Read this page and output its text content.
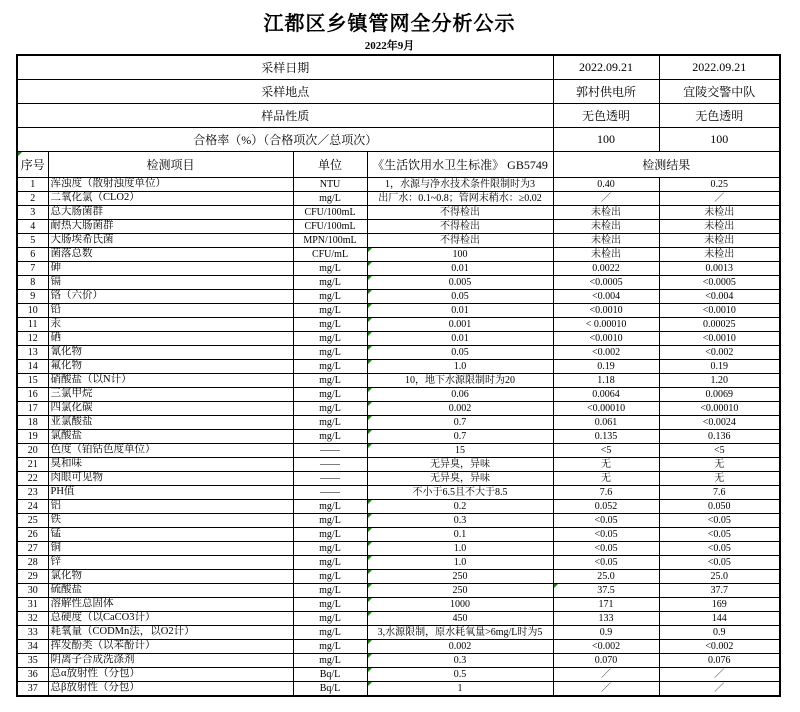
江都区乡镇管网全分析公示
2022年9月
采样日期				2022.09.21	2022.09.21
采样地点				郭村供电所	宜陵交警中队
样品性质				无色透明	无色透明
合格率（%）（合格项次／总项次）				100	100

序号	检测项目	单位	《生活饮用水卫生标准》 GB5749	检测结果	
1	浑浊度（散射浊度单位）	NTU	1，水源与净水技术条件限制时为3	0.40	0.25
2	二氧化氯（CLO2）	mg/L	出厂水：0.1~0.8；管网末稍水：≥0.02	／	／
3	总大肠菌群	CFU/100mL	不得检出	未检出	未检出
4	耐热大肠菌群	CFU/100mL	不得检出	未检出	未检出
5	大肠埃希氏菌	MPN/100mL	不得检出	未检出	未检出
6	菌落总数	CFU/mL	100	未检出	未检出
7	砷	mg/L	0.01	0.0022	0.0013
8	镉	mg/L	0.005	<0.0005	<0.0005
9	铬（六价）	mg/L	0.05	<0.004	<0.004
10	铅	mg/L	0.01	<0.0010	<0.0010
11	汞	mg/L	0.001	< 0.00010	0.00025
12	硒	mg/L	0.01	<0.0010	<0.0010
13	氰化物	mg/L	0.05	<0.002	<0.002
14	氟化物	mg/L	1.0	0.19	0.19
15	硝酸盐（以N计）	mg/L	10，地下水源限制时为20	1.18	1.20
16	三氯甲烷	mg/L	0.06	0.0064	0.0069
17	四氯化碳	mg/L	0.002	<0.00010	<0.00010
18	亚氯酸盐	mg/L	0.7	0.061	<0.0024
19	氯酸盐	mg/L	0.7	0.135	0.136
20	色度（铂钴色度单位）	——	15	<5	<5
21	臭和味	——	无异臭，异味	无	无
22	肉眼可见物	——	无异臭，异味	无	无
23	PH值	——	不小于6.5且不大于8.5	7.6	7.6
24	铝	mg/L	0.2	0.052	0.050
25	铁	mg/L	0.3	<0.05	<0.05
26	锰	mg/L	0.1	<0.05	<0.05
27	铜	mg/L	1.0	<0.05	<0.05
28	锌	mg/L	1.0	<0.05	<0.05
29	氯化物	mg/L	250	25.0	25.0
30	硫酸盐	mg/L	250	37.5	37.7
31	溶解性总固体	mg/L	1000	171	169
32	总硬度（以CaCO3计）	mg/L	450	133	144
33	耗氧量（CODMn法，以O2计）	mg/L	3,水源限制，原水耗氧量>6mg/L时为5	0.9	0.9
34	挥发酚类（以苯酚计）	mg/L	0.002	<0.002	<0.002
35	阴离子合成洗涤剂	mg/L	0.3	0.070	0.076
36	总α放射性（分包）	Bq/L	0.5	／	／
37	总β放射性（分包）	Bq/L	1	／	／
